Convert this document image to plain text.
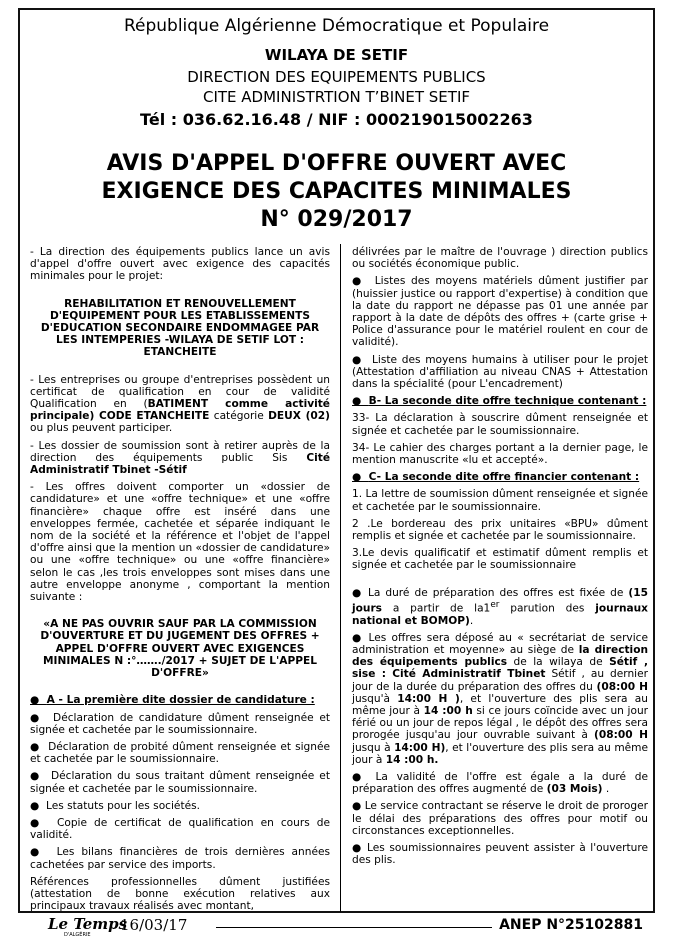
République Algérienne Démocratique et Populaire
WILAYA DE SETIF
DIRECTION DES EQUIPEMENTS PUBLICS
CITE ADMINISTRTION T’BINET SETIF
Tél : 036.62.16.48 / NIF : 000219015002263
AVIS D'APPEL D'OFFRE OUVERT AVEC
EXIGENCE DES CAPACITES MINIMALES
N° 029/2017

- La direction des équipements publics lance un avis d'appel d'offre ouvert avec exigence des capacités minimales pour le projet:

REHABILITATION ET RENOUVELLEMENT D'EQUIPEMENT POUR LES ETABLISSEMENTS D'EDUCATION SECONDAIRE ENDOMMAGEE PAR LES INTEMPERIES -WILAYA DE SETIF LOT : ETANCHEITE

- Les entreprises ou groupe d'entreprises possèdent un certificat de qualification en cour de validité Qualification en (BATIMENT comme activité principale) CODE ETANCHEITE catégorie DEUX (02) ou plus peuvent participer.

- Les dossier de soumission sont à retirer auprès de la direction des équipements public Sis Cité Administratif Tbinet -Sétif

- Les offres doivent comporter un «dossier de candidature» et une «offre technique» et une «offre financière» chaque offre est inséré dans une enveloppes fermée, cachetée et séparée indiquant le nom de la société et la référence et l'objet de l'appel d'offre ainsi que la mention un «dossier de candidature» ou une «offre technique» ou une «offre financière» selon le cas ,les trois enveloppes sont mises dans une autre enveloppe anonyme , comportant la mention suivante :

«A NE PAS OUVRIR SAUF PAR LA COMMISSION D'OUVERTURE ET DU JUGEMENT DES OFFRES + APPEL D'OFFRE OUVERT AVEC EXIGENCES MINIMALES N :°……./2017 + SUJET DE L'APPEL D'OFFRE»

●  A - La première dite dossier de candidature :

●  Déclaration de candidature dûment renseignée et signée et cachetée par le soumissionnaire.

●  Déclaration de probité dûment renseignée et signée et cachetée par le soumissionnaire.

●  Déclaration du sous traitant dûment renseignée et signée et cachetée par le soumissionnaire.

●  Les statuts pour les sociétés.

●  Copie de certificat de qualification en cours de validité.

●  Les bilans financières de trois dernières années cachetées par service des imports.

Références professionnelles dûment justifiées (attestation de bonne exécution relatives aux principaux travaux réalisés avec montant,

délivrées par le maître de l'ouvrage ) direction publics ou sociétés économique public.

●  Listes des moyens matériels dûment justifier par (huissier justice ou rapport d'expertise) à condition que la date du rapport ne dépasse pas 01 une année par rapport à la date de dépôts des offres + (carte grise + Police d'assurance pour le matériel roulent en cour de validité).

●  Liste des moyens humains à utiliser pour le projet (Attestation d'affiliation au niveau CNAS + Attestation dans la spécialité (pour L'encadrement)

●  B- La seconde dite offre technique contenant :

33- La déclaration à souscrire dûment renseignée et signée et cachetée par le soumissionnaire.

34- Le cahier des charges portant a la dernier page, le mention manuscrite «lu et accepté».

●  C- La seconde dite offre financier contenant :

1. La lettre de soumission dûment renseignée et signée et cachetée par le soumissionnaire.

2 .Le bordereau des prix unitaires «BPU» dûment remplis et signée et cachetée par le soumissionnaire.

3.Le devis qualificatif et estimatif dûment remplis et signée et cachetée par le soumissionnaire

● La duré de préparation des offres est fixée de (15 jours a partir de la1er parution des journaux national et BOMOP).

● Les offres sera déposé au « secrétariat de service administration et moyenne» au siège de la direction des équipements publics de la wilaya de Sétif , sise : Cité Administratif Tbinet Sétif , au dernier jour de la durée du préparation des offres du (08:00 H jusqu'à 14:00 H ), et l'ouverture des plis sera au même jour à 14 :00 h si ce jours coïncide avec un jour férié ou un jour de repos légal , le dépôt des offres sera prorogée jusqu'au jour ouvrable suivant à (08:00 H jusqu à 14:00 H), et l'ouverture des plis sera au même jour à 14 :00 h.

● La validité de l'offre est égale a la duré de préparation des offres augmenté de (03 Mois) .

● Le service contractant se réserve le droit de proroger le délai des préparations des offres pour motif ou circonstances exceptionnelles.

● Les soumissionnaires peuvent assister à l'ouverture des plis.

Le Temps
D'ALGÉRIE
16/03/17	ANEP N°25102881
